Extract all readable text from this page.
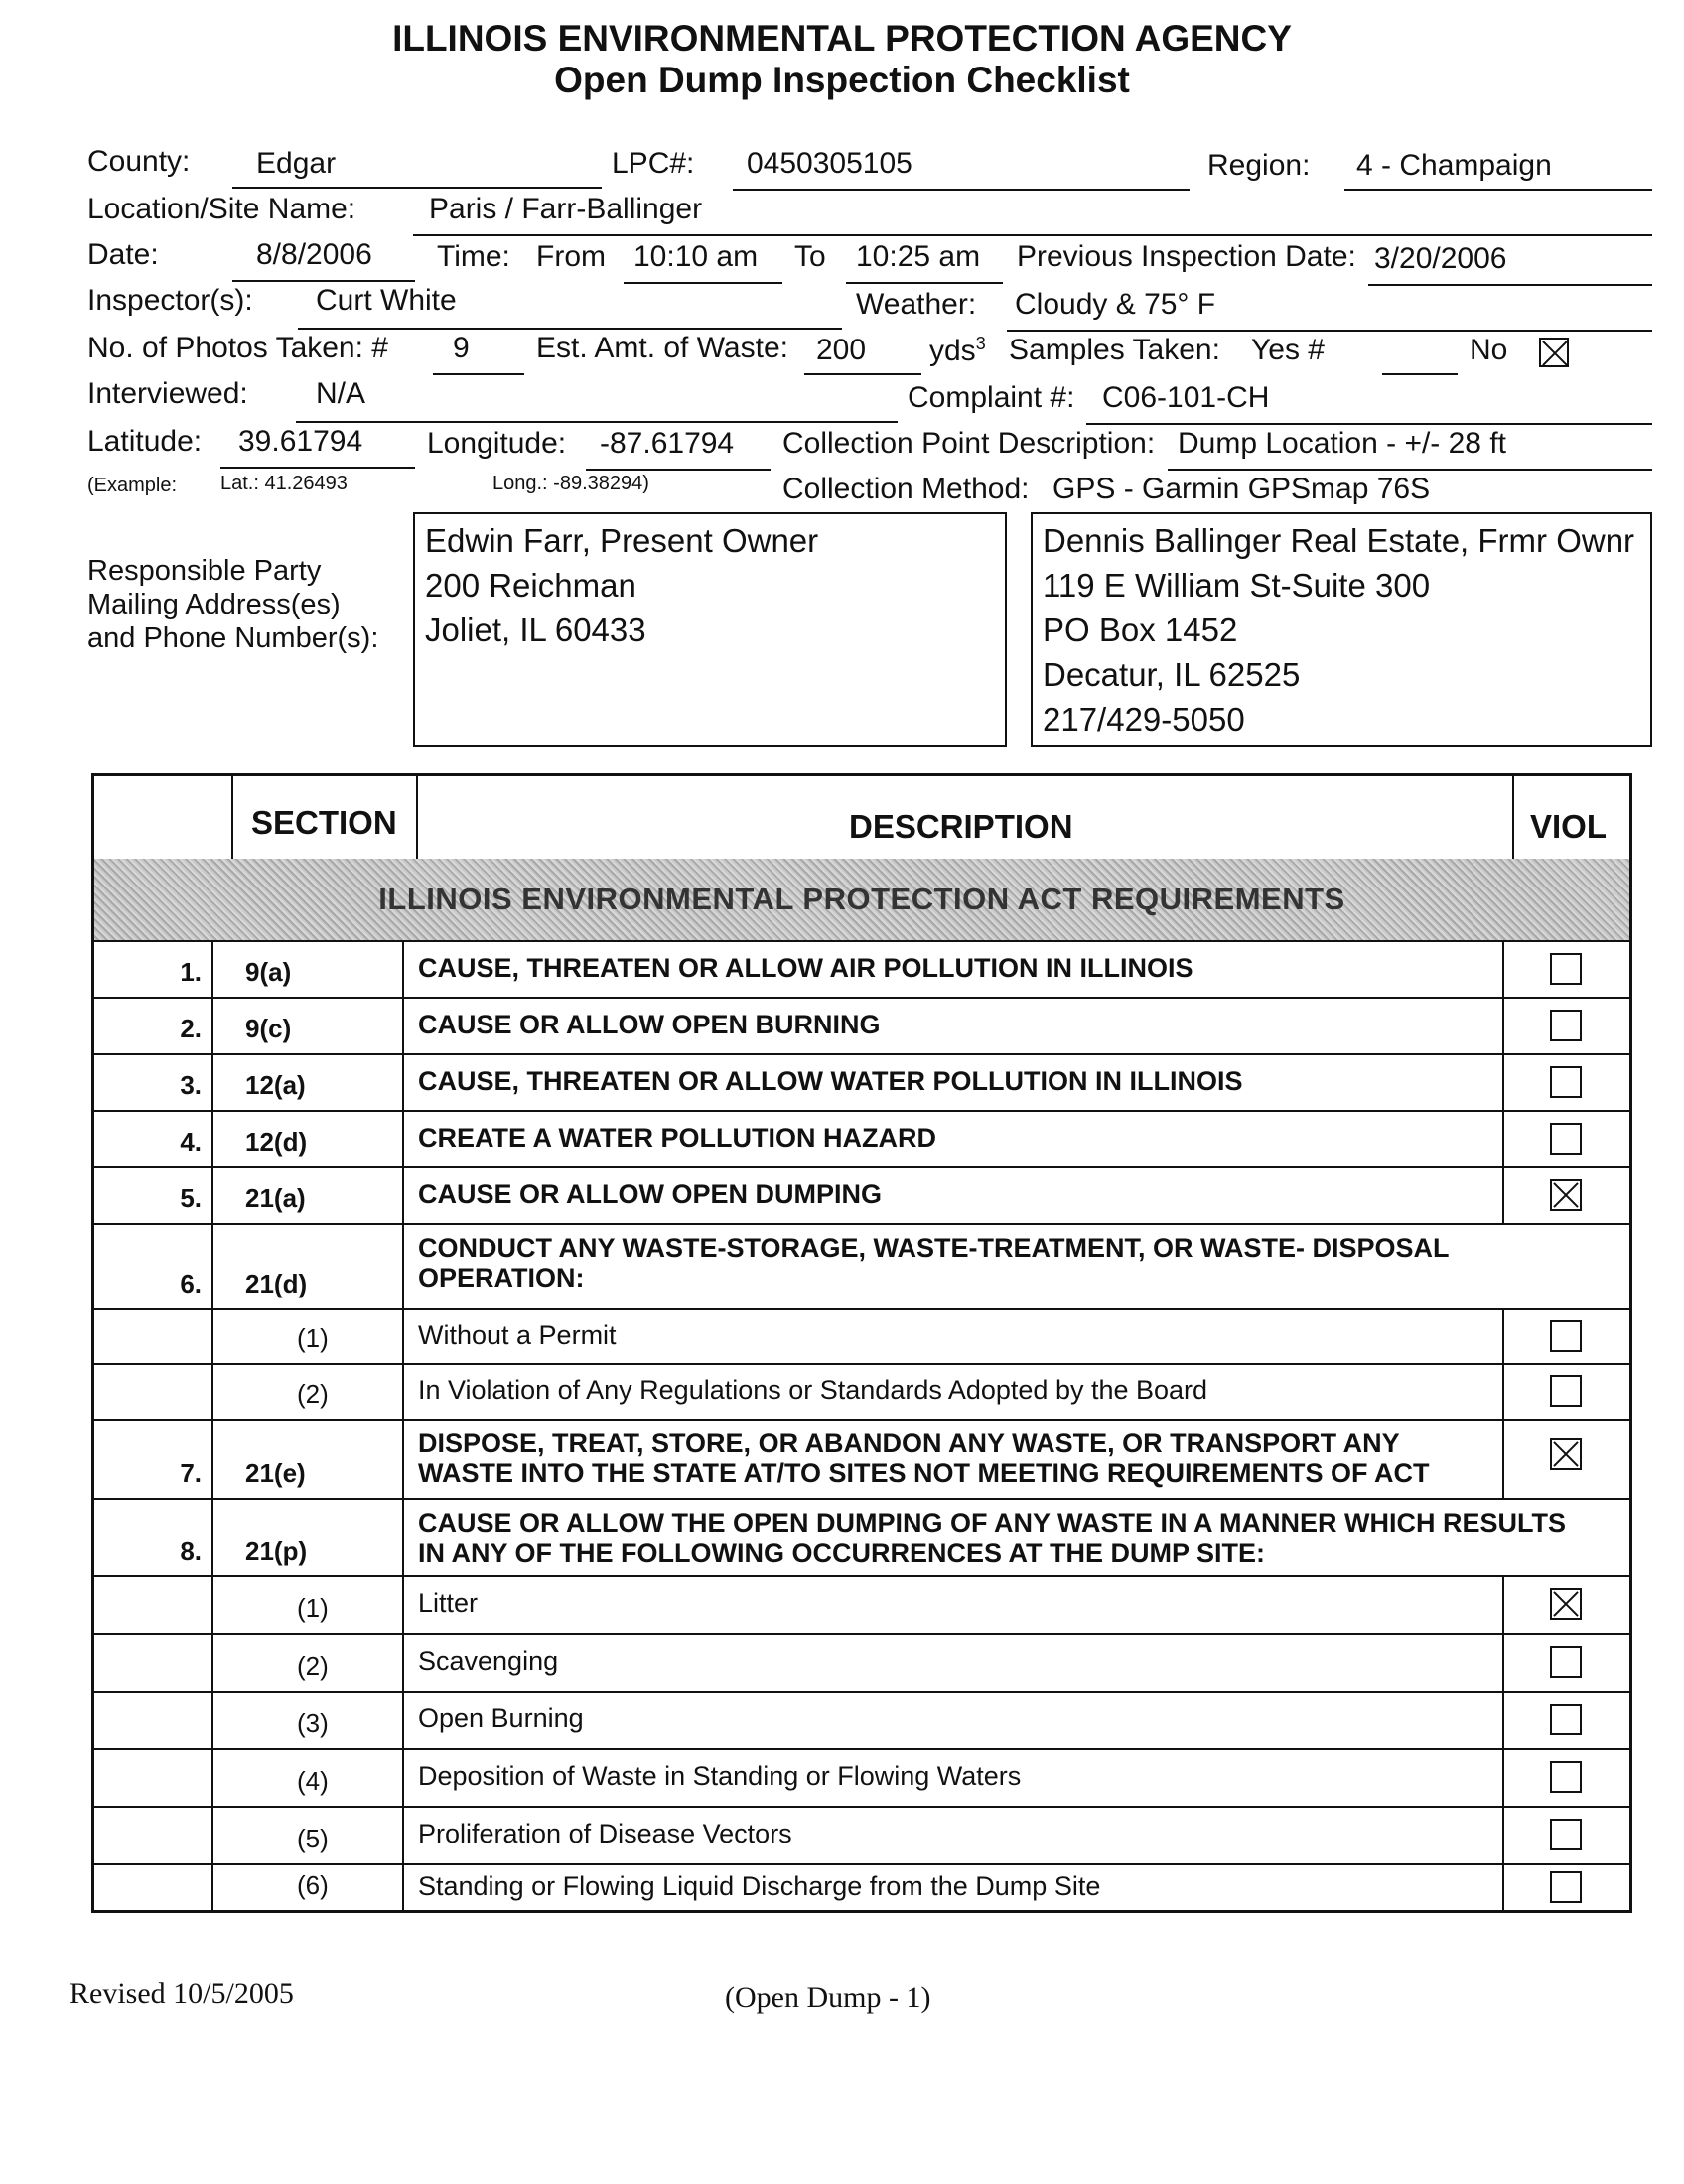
ILLINOIS ENVIRONMENTAL PROTECTION AGENCY
Open Dump Inspection Checklist
County: Edgar	LPC#: 0450305105	Region: 4 - Champaign
Location/Site Name: Paris / Farr-Ballinger
Date:	8/8/2006 Time: From 10:10 am To 10:25 am Previous Inspection Date: 3/20/2006
Inspector(s): Curt White	Weather: Cloudy & 75° F
No. of Photos Taken: # 9 Est. Amt. of Waste: 200 yds$^3$ Samples Taken: Yes #	No
Interviewed: N/A	Complaint #: C06-101-CH
Latitude: 39.61794 Longitude: -87.61794 Collection Point Description: Dump Location - +/- 28 ft
(Example: Lat.: 41.26493	Long.: -89.38294)	Collection Method: GPS - Garmin GPSmap 76S
Responsible Party
Mailing Address(es)
and Phone Number(s):
Edwin Farr, Present Owner
200 Reichman
Joliet, IL 60433
Dennis Ballinger Real Estate, Frmr Ownr
119 E William St-Suite 300
PO Box 1452
Decatur, IL 62525
217/429-5050
SECTION	DESCRIPTION	VIOL
ILLINOIS ENVIRONMENTAL PROTECTION ACT REQUIREMENTS
1. 9(a)	CAUSE, THREATEN OR ALLOW AIR POLLUTION IN ILLINOIS
2. 9(c)	CAUSE OR ALLOW OPEN BURNING
3. 12(a)	CAUSE, THREATEN OR ALLOW WATER POLLUTION IN ILLINOIS
4. 12(d)	CREATE A WATER POLLUTION HAZARD
5. 21(a)	CAUSE OR ALLOW OPEN DUMPING
6. 21(d)
CONDUCT ANY WASTE-STORAGE, WASTE-TREATMENT, OR WASTE- DISPOSAL
OPERATION:
(1)	Without a Permit
(2)	In Violation of Any Regulations or Standards Adopted by the Board
7. 21(e)
DISPOSE, TREAT, STORE, OR ABANDON ANY WASTE, OR TRANSPORT ANY
WASTE INTO THE STATE AT/TO SITES NOT MEETING REQUIREMENTS OF ACT
8. 21(p)
CAUSE OR ALLOW THE OPEN DUMPING OF ANY WASTE IN A MANNER WHICH RESULTS
IN ANY OF THE FOLLOWING OCCURRENCES AT THE DUMP SITE:
(1)	Litter
(2)	Scavenging
(3)	Open Burning
(4)	Deposition of Waste in Standing or Flowing Waters
(5)	Proliferation of Disease Vectors
(6)	Standing or Flowing Liquid Discharge from the Dump Site
Revised 10/5/2005	(Open Dump - 1)
